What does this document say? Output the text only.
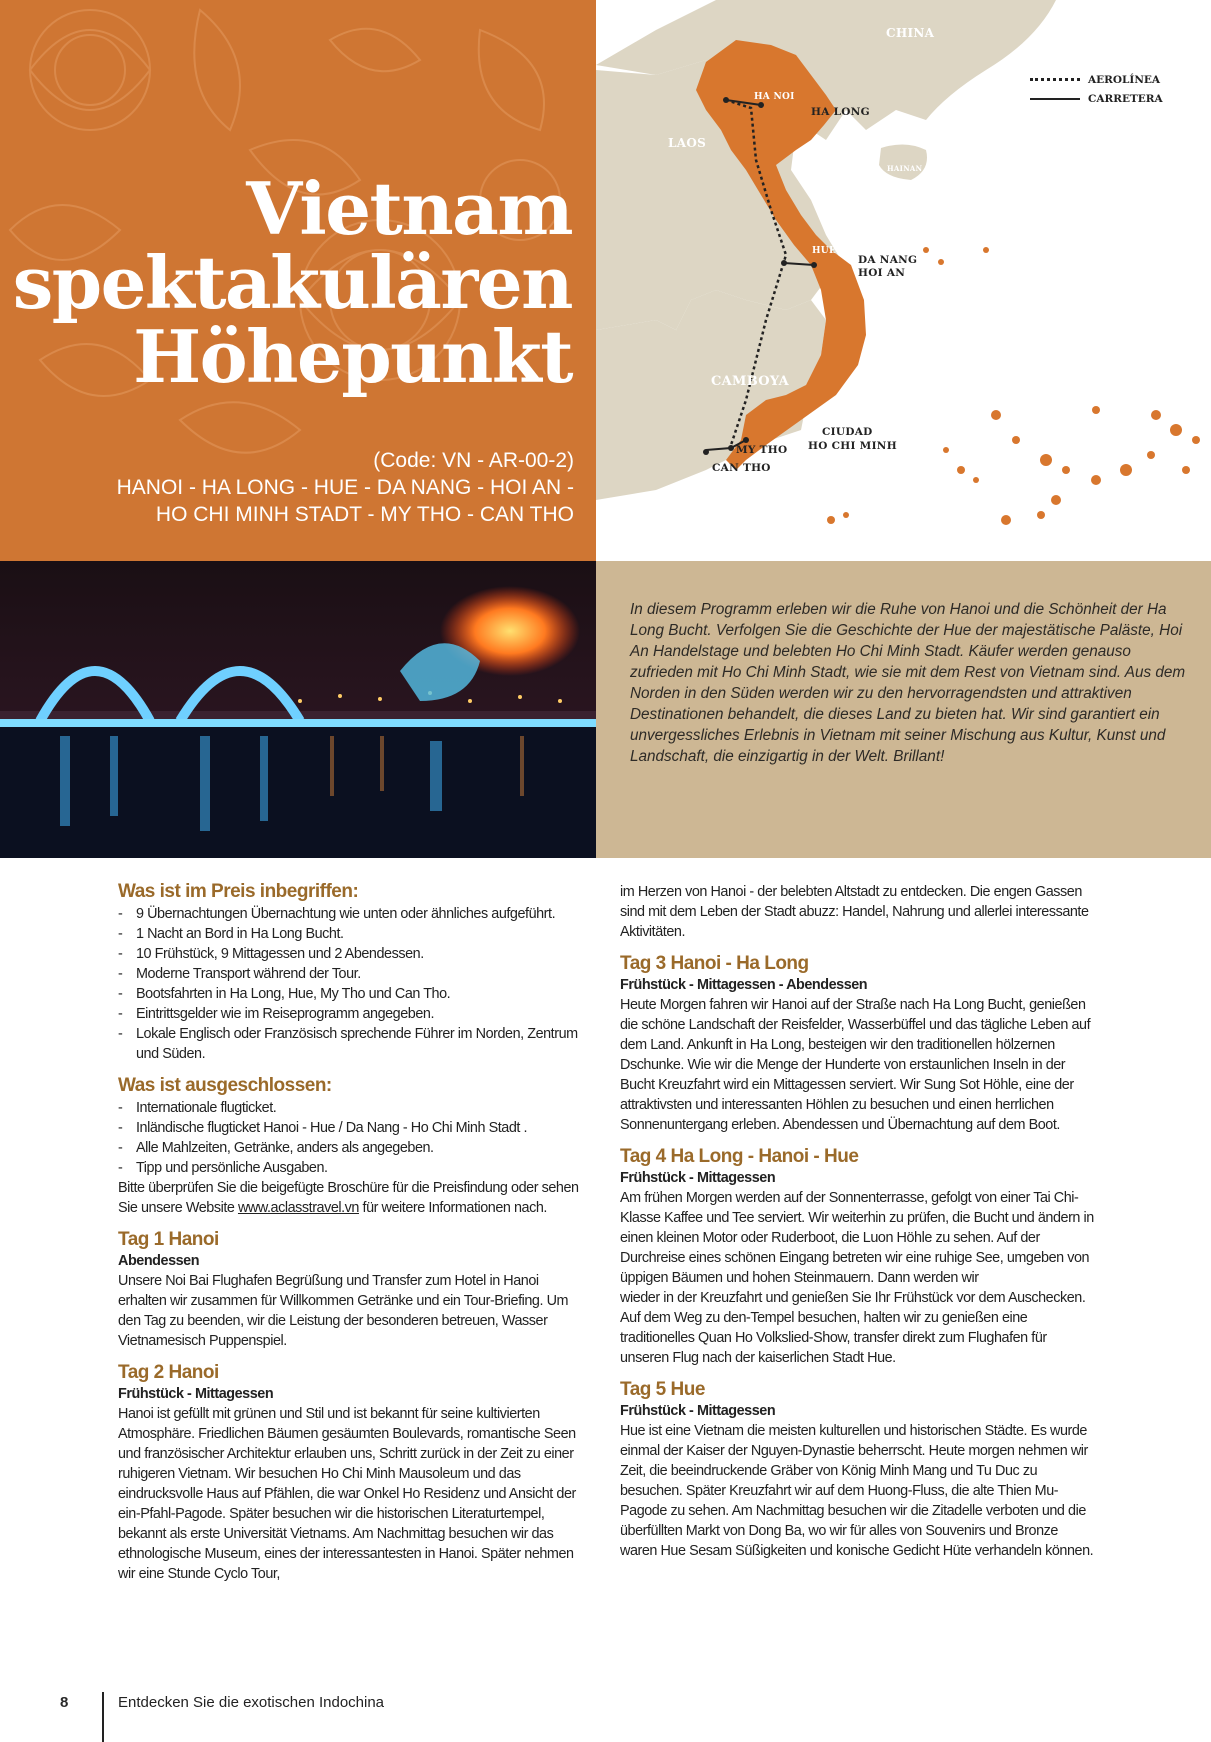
Vietnam
spektakulären
Höhepunkt
(Code: VN - AR-00-2)
HANOI - HA LONG - HUE - DA NANG - HOI AN -
HO CHI MINH STADT - MY THO - CAN THO
CHINA
LAOS
HAINAN
CAMBOYA
HA NOI
HA LONG
HUE
DA NANG
HOI AN
CIUDAD
HO CHI MINH
MY THO
CAN THO
AEROLÍNEA
CARRETERA

In diesem Programm erleben wir die Ruhe von Hanoi und die Schönheit der Ha Long Bucht. Verfolgen Sie die Geschichte der Hue der majestätische Paläste, Hoi An Handelstage und belebten Ho Chi Minh Stadt. Käufer werden genauso zufrieden mit Ho Chi Minh Stadt, wie sie mit dem Rest von Vietnam sind. Aus dem Norden in den Süden werden wir zu den hervorragendsten und attraktiven Destinationen behandelt, die dieses Land zu bieten hat. Wir sind garantiert ein unvergessliches Erlebnis in Vietnam mit seiner Mischung aus Kultur, Kunst und Landschaft, die einzigartig in der Welt. Brillant!

Was ist im Preis inbegriffen:
- 9 Übernachtungen Übernachtung wie unten oder ähnliches aufgeführt.
- 1 Nacht an Bord in Ha Long Bucht.
- 10 Frühstück, 9 Mittagessen und 2 Abendessen.
- Moderne Transport während der Tour.
- Bootsfahrten in Ha Long, Hue, My Tho und Can Tho.
- Eintrittsgelder wie im Reiseprogramm angegeben.
- Lokale Englisch oder Französisch sprechende Führer im Norden, Zentrum und Süden.
Was ist ausgeschlossen:
- Internationale flugticket.
- Inländische flugticket Hanoi - Hue / Da Nang - Ho Chi Minh Stadt .
- Alle Mahlzeiten, Getränke, anders als angegeben.
- Tipp und persönliche Ausgaben.

Bitte überprüfen Sie die beigefügte Broschüre für die Preisfindung oder sehen Sie unsere Website www.aclasstravel.vn für weitere Informationen nach.

Tag 1 Hanoi
Abendessen

Unsere Noi Bai Flughafen Begrüßung und Transfer zum Hotel in Hanoi erhalten wir zusammen für Willkommen Getränke und ein Tour-Briefing. Um den Tag zu beenden, wir die Leistung der besonderen betreuen, Wasser Vietnamesisch Puppenspiel.

Tag 2 Hanoi
Frühstück - Mittagessen

Hanoi ist gefüllt mit grünen und Stil und ist bekannt für seine kultivierten Atmosphäre. Friedlichen Bäumen gesäumten Boulevards, romantische Seen und französischer Architektur erlauben uns, Schritt zurück in der Zeit zu einer ruhigeren Vietnam. Wir besuchen Ho Chi Minh Mausoleum und das eindrucksvolle Haus auf Pfählen, die war Onkel Ho Residenz und Ansicht der ein-Pfahl-Pagode. Später besuchen wir die historischen Literaturtempel, bekannt als erste Universität Vietnams. Am Nachmittag besuchen wir das ethnologische Museum, eines der interessantesten in Hanoi. Später nehmen wir eine Stunde Cyclo Tour,

im Herzen von Hanoi - der belebten Altstadt zu entdecken. Die engen Gassen sind mit dem Leben der Stadt abuzz: Handel, Nahrung und allerlei interessante Aktivitäten.

Tag 3 Hanoi - Ha Long
Frühstück - Mittagessen - Abendessen

Heute Morgen fahren wir Hanoi auf der Straße nach Ha Long Bucht, genießen die schöne Landschaft der Reisfelder, Wasserbüffel und das tägliche Leben auf dem Land. Ankunft in Ha Long, besteigen wir den traditionellen hölzernen Dschunke. Wie wir die Menge der Hunderte von erstaunlichen Inseln in der Bucht Kreuzfahrt wird ein Mittagessen serviert. Wir Sung Sot Höhle, eine der attraktivsten und interessanten Höhlen zu besuchen und einen herrlichen Sonnenuntergang erleben. Abendessen und Übernachtung auf dem Boot.

Tag 4 Ha Long - Hanoi - Hue
Frühstück - Mittagessen

Am frühen Morgen werden auf der Sonnenterrasse, gefolgt von einer Tai Chi-Klasse Kaffee und Tee serviert. Wir weiterhin zu prüfen, die Bucht und ändern in einen kleinen Motor oder Ruderboot, die Luon Höhle zu sehen. Auf der Durchreise eines schönen Eingang betreten wir eine ruhige See, umgeben von üppigen Bäumen und hohen Steinmauern. Dann werden wir

wieder in der Kreuzfahrt und genießen Sie Ihr Frühstück vor dem Auschecken. Auf dem Weg zu den-Tempel besuchen, halten wir zu genießen eine traditionelles Quan Ho Volkslied-Show, transfer direkt zum Flughafen für unseren Flug nach der kaiserlichen Stadt Hue.

Tag 5 Hue
Frühstück - Mittagessen

Hue ist eine Vietnam die meisten kulturellen und historischen Städte. Es wurde einmal der Kaiser der Nguyen-Dynastie beherrscht. Heute morgen nehmen wir Zeit, die beeindruckende Gräber von König Minh Mang und Tu Duc zu besuchen. Später Kreuzfahrt wir auf dem Huong-Fluss, die alte Thien Mu-Pagode zu sehen. Am Nachmittag besuchen wir die Zitadelle verboten und die überfüllten Markt von Dong Ba, wo wir für alles von Souvenirs und Bronze waren Hue Sesam Süßigkeiten und konische Gedicht Hüte verhandeln können.

8	Entdecken Sie die exotischen Indochina
